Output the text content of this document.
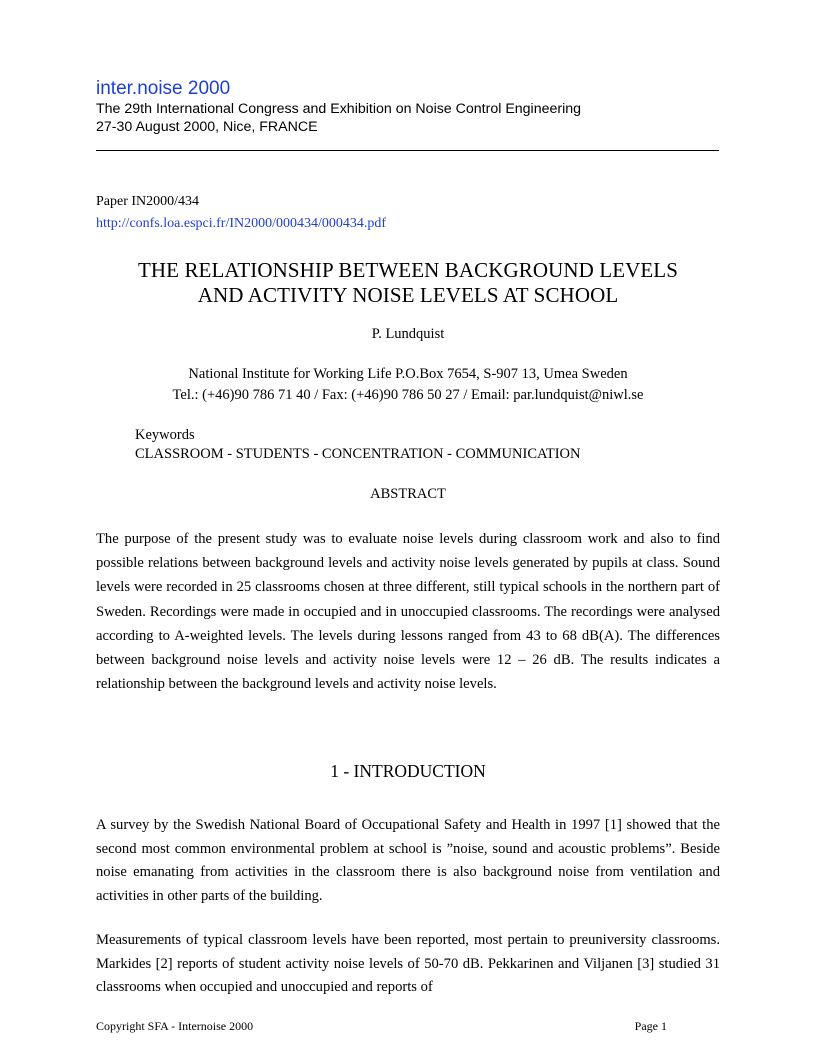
inter.noise 2000

The 29th International Congress and Exhibition on Noise Control Engineering

27-30 August 2000, Nice, FRANCE

Paper IN2000/434

http://confs.loa.espci.fr/IN2000/000434/000434.pdf

THE RELATIONSHIP BETWEEN BACKGROUND LEVELS
AND ACTIVITY NOISE LEVELS AT SCHOOL

P. Lundquist

National Institute for Working Life P.O.Box 7654, S-907 13, Umea Sweden
Tel.: (+46)90 786 71 40 / Fax: (+46)90 786 50 27 / Email: par.lundquist@niwl.se

Keywords
CLASSROOM - STUDENTS - CONCENTRATION - COMMUNICATION

ABSTRACT

The purpose of the present study was to evaluate noise levels during classroom work and also to find possible relations between background levels and activity noise levels generated by pupils at class. Sound levels were recorded in 25 classrooms chosen at three different, still typical schools in the northern part of Sweden. Recordings were made in occupied and in unoccupied classrooms. The recordings were analysed according to A-weighted levels. The levels during lessons ranged from 43 to 68 dB(A). The differences between background noise levels and activity noise levels were 12 – 26 dB. The results indicates a relationship between the background levels and activity noise levels.

1 - INTRODUCTION

A survey by the Swedish National Board of Occupational Safety and Health in 1997 [1] showed that the second most common environmental problem at school is ”noise, sound and acoustic problems”. Beside noise emanating from activities in the classroom there is also background noise from ventilation and activities in other parts of the building.

Measurements of typical classroom levels have been reported, most pertain to preuniversity classrooms. Markides [2] reports of student activity noise levels of 50-70 dB. Pekkarinen and Viljanen [3] studied 31 classrooms when occupied and unoccupied and reports of

Copyright SFA - Internoise 2000	Page 1
